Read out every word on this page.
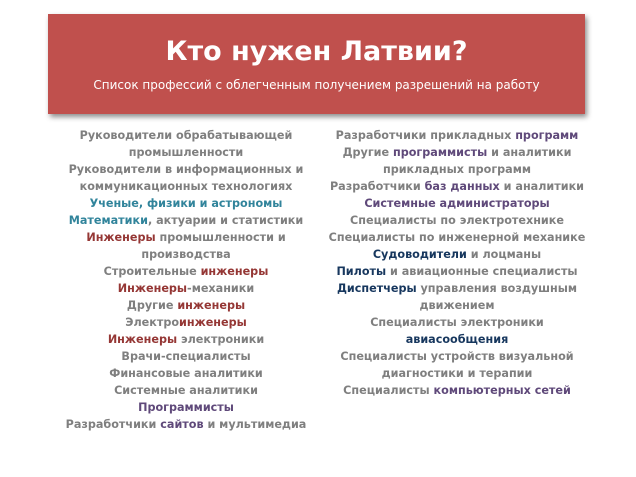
Кто нужен Латвии?
Список профессий с облегченным получением разрешений на работу
Руководители обрабатывающей
промышленности
Руководители в информационных и
коммуникационных технологиях
Ученые, физики и астрономы
Математики, актуарии и статистики
Инженеры промышленности и
производства
Строительные инженеры
Инженеры-механики
Другие инженеры
Электроинженеры
Инженеры электроники
Врачи-специалисты
Финансовые аналитики
Системные аналитики
Программисты
Разработчики сайтов и мультимедиа
Разработчики прикладных программ
Другие программисты и аналитики
прикладных программ
Разработчики баз данных и аналитики
Системные администраторы
Специалисты по электротехнике
Специалисты по инженерной механике
Судоводители и лоцманы
Пилоты и авиационные специалисты
Диспетчеры управления воздушным
движением
Специалисты электроники
авиасообщения
Специалисты устройств визуальной
диагностики и терапии
Специалисты компьютерных сетей
